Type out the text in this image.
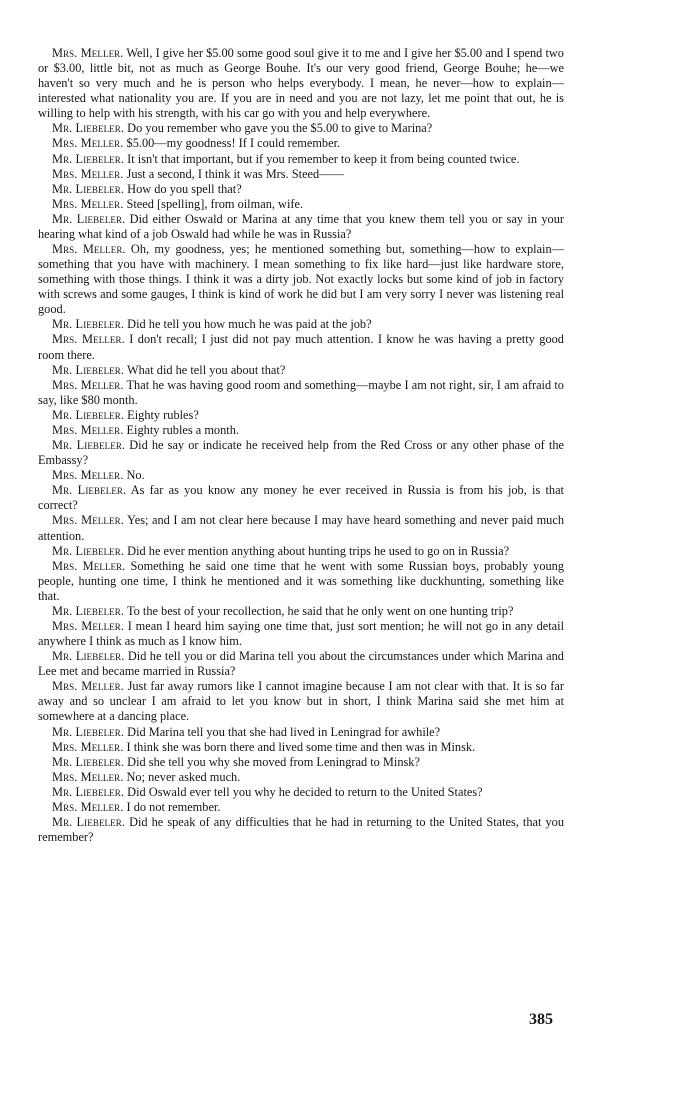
Mrs. Meller. Well, I give her $5.00 some good soul give it to me and I give her $5.00 and I spend two or $3.00, little bit, not as much as George Bouhe. It's our very good friend, George Bouhe; he—we haven't so very much and he is person who helps everybody. I mean, he never—how to explain—interested what nationality you are. If you are in need and you are not lazy, let me point that out, he is willing to help with his strength, with his car go with you and help everywhere.

Mr. Liebeler. Do you remember who gave you the $5.00 to give to Marina?

Mrs. Meller. $5.00—my goodness! If I could remember.

Mr. Liebeler. It isn't that important, but if you remember to keep it from being counted twice.

Mrs. Meller. Just a second, I think it was Mrs. Steed——

Mr. Liebeler. How do you spell that?

Mrs. Meller. Steed [spelling], from oilman, wife.

Mr. Liebeler. Did either Oswald or Marina at any time that you knew them tell you or say in your hearing what kind of a job Oswald had while he was in Russia?

Mrs. Meller. Oh, my goodness, yes; he mentioned something but, something—how to explain—something that you have with machinery. I mean something to fix like hard—just like hardware store, something with those things. I think it was a dirty job. Not exactly locks but some kind of job in factory with screws and some gauges, I think is kind of work he did but I am very sorry I never was listening real good.

Mr. Liebeler. Did he tell you how much he was paid at the job?

Mrs. Meller. I don't recall; I just did not pay much attention. I know he was having a pretty good room there.

Mr. Liebeler. What did he tell you about that?

Mrs. Meller. That he was having good room and something—maybe I am not right, sir, I am afraid to say, like $80 month.

Mr. Liebeler. Eighty rubles?

Mrs. Meller. Eighty rubles a month.

Mr. Liebeler. Did he say or indicate he received help from the Red Cross or any other phase of the Embassy?

Mrs. Meller. No.

Mr. Liebeler. As far as you know any money he ever received in Russia is from his job, is that correct?

Mrs. Meller. Yes; and I am not clear here because I may have heard something and never paid much attention.

Mr. Liebeler. Did he ever mention anything about hunting trips he used to go on in Russia?

Mrs. Meller. Something he said one time that he went with some Russian boys, probably young people, hunting one time, I think he mentioned and it was something like duckhunting, something like that.

Mr. Liebeler. To the best of your recollection, he said that he only went on one hunting trip?

Mrs. Meller. I mean I heard him saying one time that, just sort mention; he will not go in any detail anywhere I think as much as I know him.

Mr. Liebeler. Did he tell you or did Marina tell you about the circumstances under which Marina and Lee met and became married in Russia?

Mrs. Meller. Just far away rumors like I cannot imagine because I am not clear with that. It is so far away and so unclear I am afraid to let you know but in short, I think Marina said she met him at somewhere at a dancing place.

Mr. Liebeler. Did Marina tell you that she had lived in Leningrad for awhile?

Mrs. Meller. I think she was born there and lived some time and then was in Minsk.

Mr. Liebeler. Did she tell you why she moved from Leningrad to Minsk?

Mrs. Meller. No; never asked much.

Mr. Liebeler. Did Oswald ever tell you why he decided to return to the United States?

Mrs. Meller. I do not remember.

Mr. Liebeler. Did he speak of any difficulties that he had in returning to the United States, that you remember?

385
